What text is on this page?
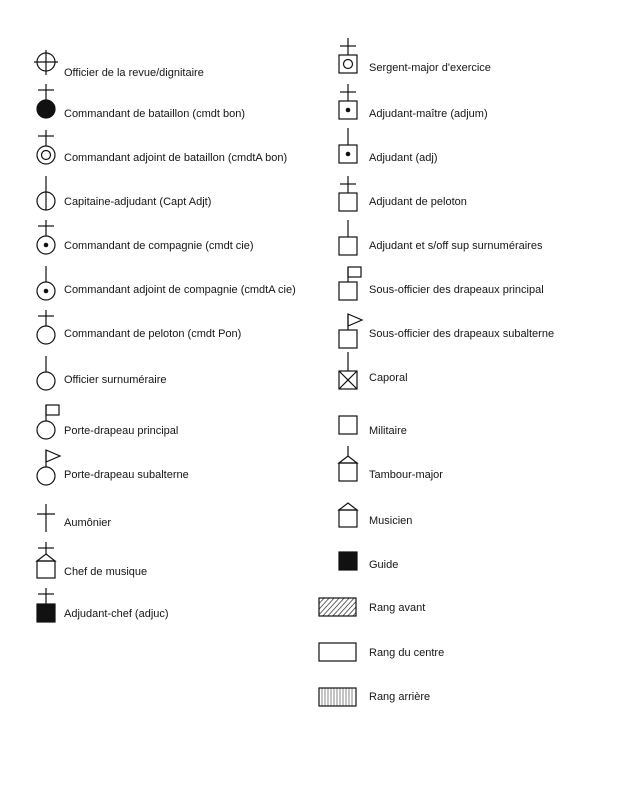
Officier de la revue/dignitaire
Commandant de bataillon (cmdt bon)
Commandant adjoint de bataillon (cmdtA bon)
Capitaine-adjudant (Capt Adjt)
Commandant de compagnie (cmdt cie)
Commandant adjoint de compagnie (cmdtA cie)
Commandant de peloton (cmdt Pon)
Officier surnuméraire
Porte-drapeau principal
Porte-drapeau subalterne
Aumônier
Chef de musique
Adjudant-chef (adjuc)
Sergent-major d'exercice
Adjudant-maître (adjum)
Adjudant (adj)
Adjudant de peloton
Adjudant et s/off sup surnuméraires
Sous-officier des drapeaux principal
Sous-officier des drapeaux subalterne
Caporal
Militaire
Tambour-major
Musicien
Guide
Rang avant
Rang du centre
Rang arrière
